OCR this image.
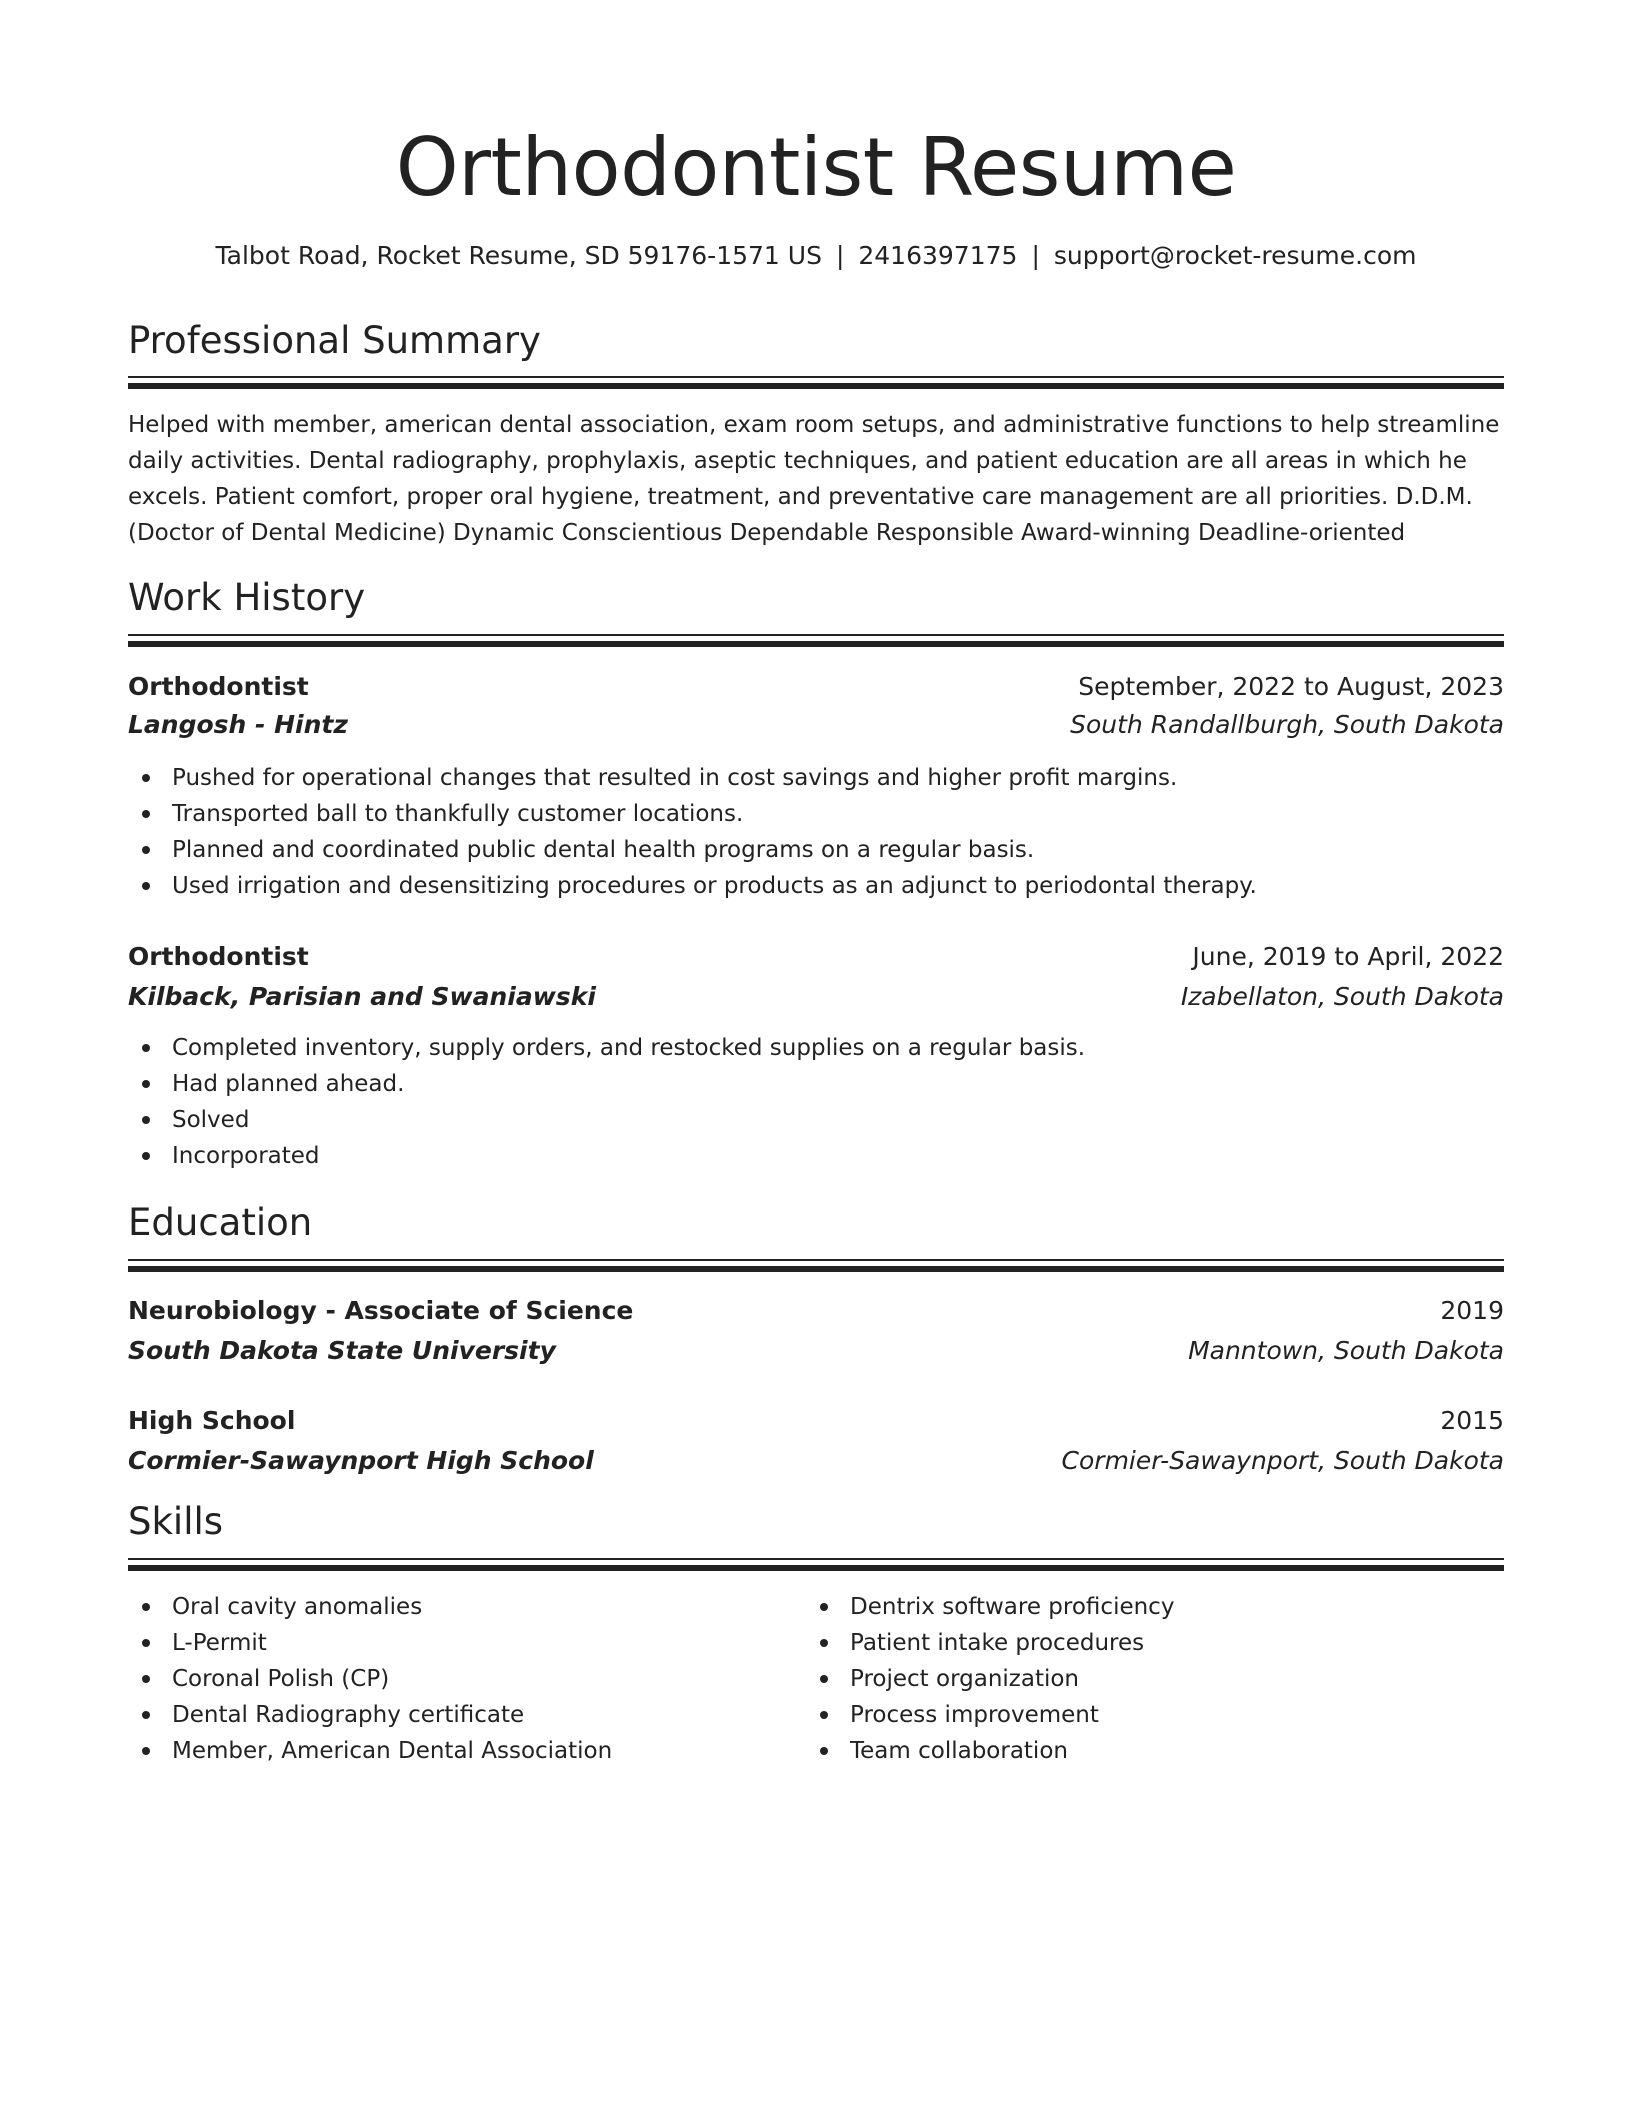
Orthodontist Resume
Talbot Road, Rocket Resume, SD 59176-1571 US | 2416397175 | support@rocket-resume.com
Professional Summary

Helped with member, american dental association, exam room setups, and administrative functions to help streamline daily activities. Dental radiography, prophylaxis, aseptic techniques, and patient education are all areas in which he excels. Patient comfort, proper oral hygiene, treatment, and preventative care management are all priorities. D.D.M. (Doctor of Dental Medicine) Dynamic Conscientious Dependable Responsible Award-winning Deadline-oriented

Work History
Orthodontist	September, 2022 to August, 2023
Langosh - Hintz	South Randallburgh, South Dakota
Pushed for operational changes that resulted in cost savings and higher profit margins.
Transported ball to thankfully customer locations.
Planned and coordinated public dental health programs on a regular basis.
Used irrigation and desensitizing procedures or products as an adjunct to periodontal therapy.
Orthodontist	June, 2019 to April, 2022
Kilback, Parisian and Swaniawski	Izabellaton, South Dakota
Completed inventory, supply orders, and restocked supplies on a regular basis.
Had planned ahead.
Solved
Incorporated
Education
Neurobiology - Associate of Science	2019
South Dakota State University	Manntown, South Dakota
High School	2015
Cormier-Sawaynport High School	Cormier-Sawaynport, South Dakota
Skills
Oral cavity anomalies
L-Permit
Coronal Polish (CP)
Dental Radiography certificate
Member, American Dental Association
Dentrix software proficiency
Patient intake procedures
Project organization
Process improvement
Team collaboration
